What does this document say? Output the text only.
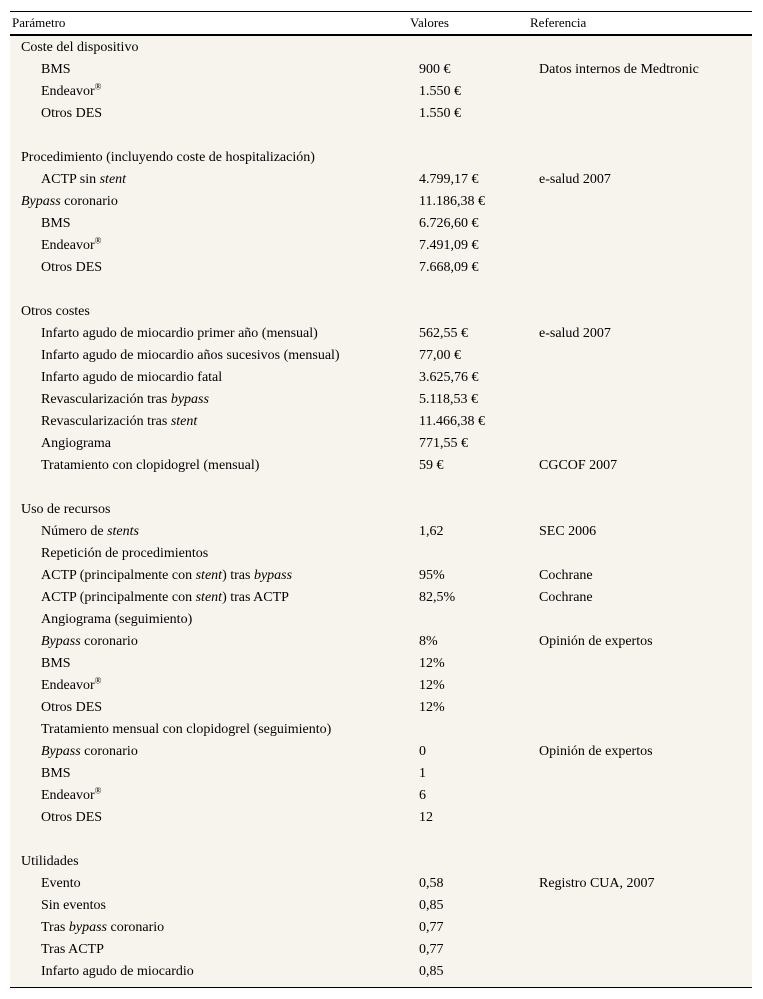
Parámetro	Valores	Referencia
Coste del dispositivo
BMS	900 €	Datos internos de Medtronic
Endeavor®	1.550 €
Otros DES	1.550 €
Procedimiento (incluyendo coste de hospitalización)
ACTP sin stent	4.799,17 €	e-salud 2007
Bypass coronario	11.186,38 €
BMS	6.726,60 €
Endeavor®	7.491,09 €
Otros DES	7.668,09 €
Otros costes
Infarto agudo de miocardio primer año (mensual)	562,55 €	e-salud 2007
Infarto agudo de miocardio años sucesivos (mensual)	77,00 €
Infarto agudo de miocardio fatal	3.625,76 €
Revascularización tras bypass	5.118,53 €
Revascularización tras stent	11.466,38 €
Angiograma	771,55 €
Tratamiento con clopidogrel (mensual)	59 €	CGCOF 2007
Uso de recursos
Número de stents	1,62	SEC 2006
Repetición de procedimientos
ACTP (principalmente con stent) tras bypass	95%	Cochrane
ACTP (principalmente con stent) tras ACTP	82,5%	Cochrane
Angiograma (seguimiento)
Bypass coronario	8%	Opinión de expertos
BMS	12%
Endeavor®	12%
Otros DES	12%
Tratamiento mensual con clopidogrel (seguimiento)
Bypass coronario	0	Opinión de expertos
BMS	1
Endeavor®	6
Otros DES	12
Utilidades
Evento	0,58	Registro CUA, 2007
Sin eventos	0,85
Tras bypass coronario	0,77
Tras ACTP	0,77
Infarto agudo de miocardio	0,85
